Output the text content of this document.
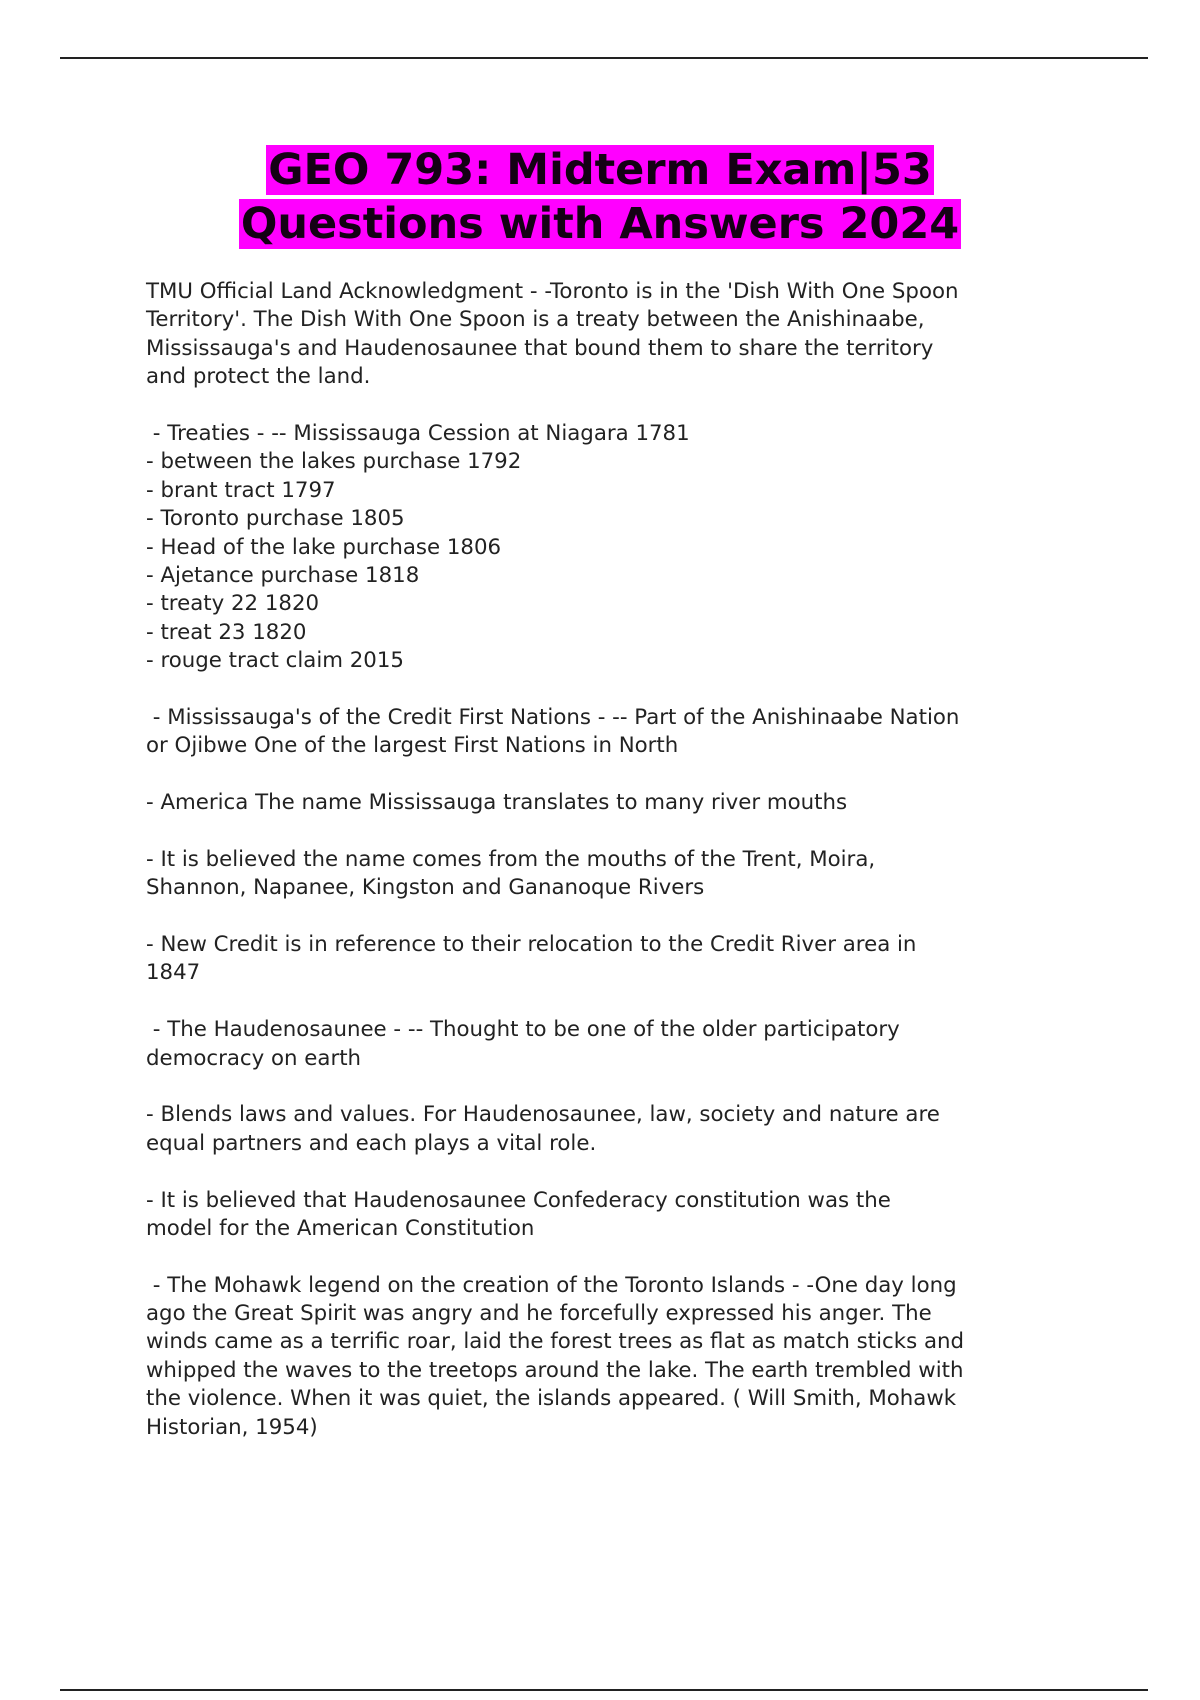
GEO 793: Midterm Exam|53
Questions with Answers 2024
TMU Official Land Acknowledgment - -Toronto is in the 'Dish With One Spoon
Territory'. The Dish With One Spoon is a treaty between the Anishinaabe,
Mississauga's and Haudenosaunee that bound them to share the territory
and protect the land.
- Treaties - -- Mississauga Cession at Niagara 1781
- between the lakes purchase 1792
- brant tract 1797
- Toronto purchase 1805
- Head of the lake purchase 1806
- Ajetance purchase 1818
- treaty 22 1820
- treat 23 1820
- rouge tract claim 2015
- Mississauga's of the Credit First Nations - -- Part of the Anishinaabe Nation
or Ojibwe One of the largest First Nations in North
- America The name Mississauga translates to many river mouths
- It is believed the name comes from the mouths of the Trent, Moira,
Shannon, Napanee, Kingston and Gananoque Rivers
- New Credit is in reference to their relocation to the Credit River area in
1847
- The Haudenosaunee - -- Thought to be one of the older participatory
democracy on earth
- Blends laws and values. For Haudenosaunee, law, society and nature are
equal partners and each plays a vital role.
- It is believed that Haudenosaunee Confederacy constitution was the
model for the American Constitution
- The Mohawk legend on the creation of the Toronto Islands - -One day long
ago the Great Spirit was angry and he forcefully expressed his anger. The
winds came as a terrific roar, laid the forest trees as flat as match sticks and
whipped the waves to the treetops around the lake. The earth trembled with
the violence. When it was quiet, the islands appeared. ( Will Smith, Mohawk
Historian, 1954)
